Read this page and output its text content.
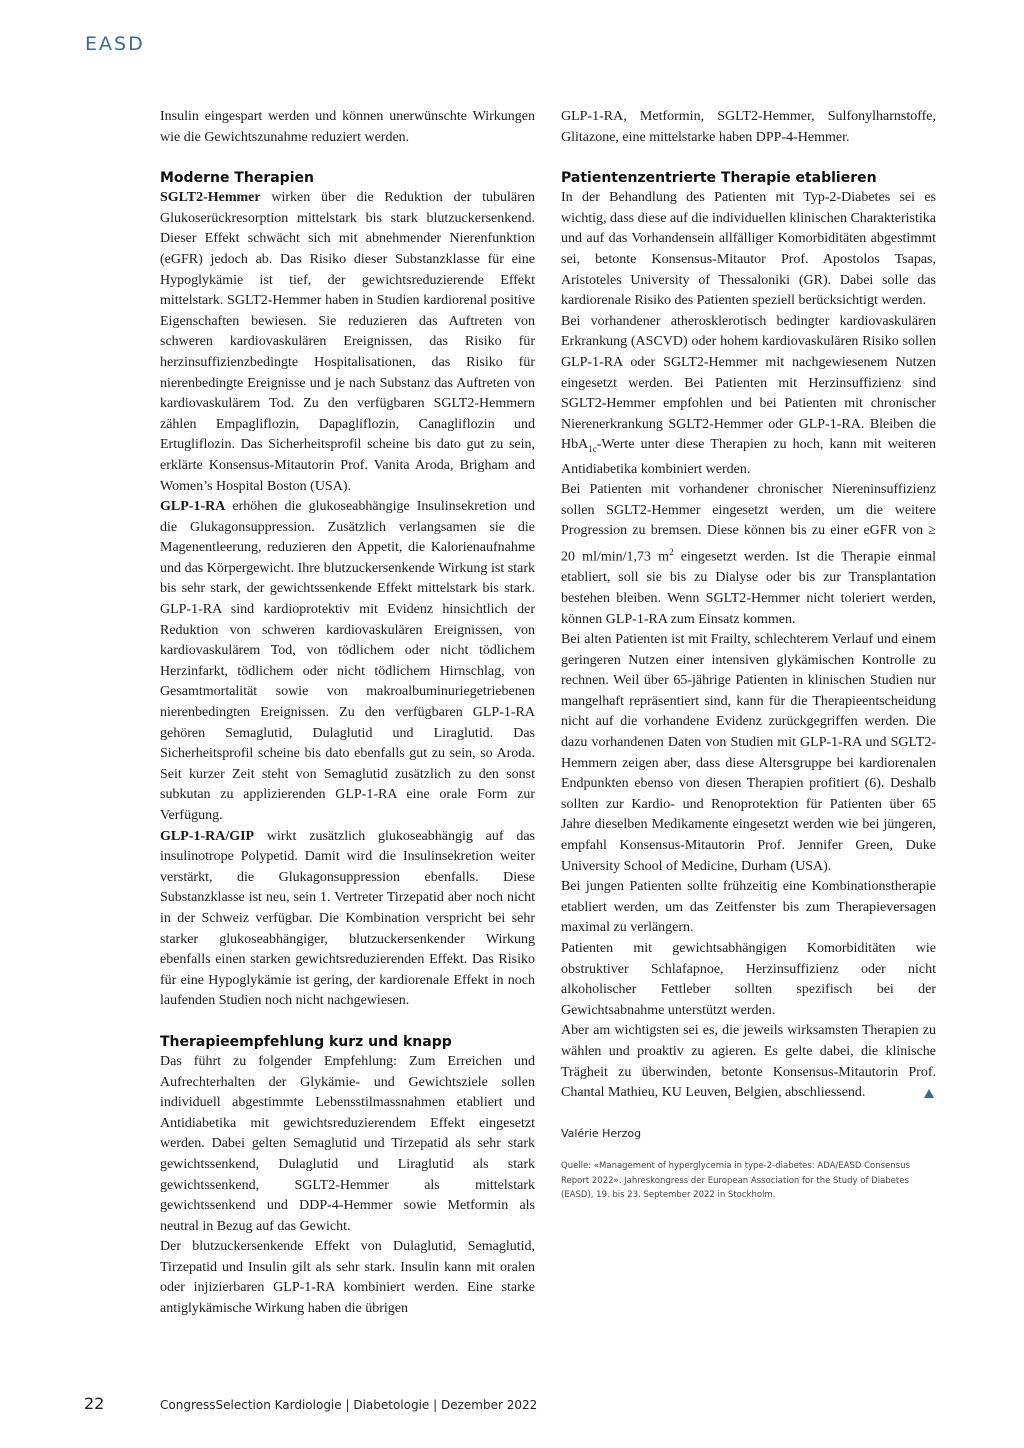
EASD

Insulin eingespart werden und können unerwünschte Wirkungen wie die Gewichtszunahme reduziert werden.

Moderne Therapien

SGLT2-Hemmer wirken über die Reduktion der tubulären Glukoserückresorption mittelstark bis stark blutzuckersenkend. Dieser Effekt schwächt sich mit abnehmender Nierenfunktion (eGFR) jedoch ab. Das Risiko dieser Substanzklasse für eine Hypoglykämie ist tief, der gewichtsreduzierende Effekt mittelstark. SGLT2-Hemmer haben in Studien kardiorenal positive Eigenschaften bewiesen. Sie reduzieren das Auftreten von schweren kardiovaskulären Ereignissen, das Risiko für herzinsuffizienzbedingte Hospitalisationen, das Risiko für nierenbedingte Ereignisse und je nach Substanz das Auftreten von kardiovaskulärem Tod. Zu den verfügbaren SGLT2-Hemmern zählen Empagliflozin, Dapagliflozin, Canagliflozin und Ertugliflozin. Das Sicherheitsprofil scheine bis dato gut zu sein, erklärte Konsensus-Mitautorin Prof. Vanita Aroda, Brigham and Women’s Hospital Boston (USA).

GLP-1-RA erhöhen die glukoseabhängige Insulinsekretion und die Glukagonsuppression. Zusätzlich verlangsamen sie die Magenentleerung, reduzieren den Appetit, die Kalorienaufnahme und das Körpergewicht. Ihre blutzuckersenkende Wirkung ist stark bis sehr stark, der gewichtssenkende Effekt mittelstark bis stark. GLP-1-RA sind kardioprotektiv mit Evidenz hinsichtlich der Reduktion von schweren kardiovaskulären Ereignissen, von kardiovaskulärem Tod, von tödlichem oder nicht tödlichem Herzinfarkt, tödlichem oder nicht tödlichem Hirnschlag, von Gesamtmortalität sowie von makroalbuminuriegetriebenen nierenbedingten Ereignissen. Zu den verfügbaren GLP-1-RA gehören Semaglutid, Dulaglutid und Liraglutid. Das Sicherheitsprofil scheine bis dato ebenfalls gut zu sein, so Aroda. Seit kurzer Zeit steht von Semaglutid zusätzlich zu den sonst subkutan zu applizierenden GLP-1-RA eine orale Form zur Verfügung.

GLP-1-RA/GIP wirkt zusätzlich glukoseabhängig auf das insulinotrope Polypetid. Damit wird die Insulinsekretion weiter verstärkt, die Glukagonsuppression ebenfalls. Diese Substanzklasse ist neu, sein 1. Vertreter Tirzepatid aber noch nicht in der Schweiz verfügbar. Die Kombination verspricht bei sehr starker glukoseabhängiger, blutzuckersenkender Wirkung ebenfalls einen starken gewichtsreduzierenden Effekt. Das Risiko für eine Hypoglykämie ist gering, der kardiorenale Effekt in noch laufenden Studien noch nicht nachgewiesen.

Therapieempfehlung kurz und knapp

Das führt zu folgender Empfehlung: Zum Erreichen und Aufrechterhalten der Glykämie- und Gewichtsziele sollen individuell abgestimmte Lebensstilmassnahmen etabliert und Antidiabetika mit gewichtsreduzierendem Effekt eingesetzt werden. Dabei gelten Semaglutid und Tirzepatid als sehr stark gewichtssenkend, Dulaglutid und Liraglutid als stark gewichtssenkend, SGLT2-Hemmer als mittelstark gewichtssenkend und DDP-4-Hemmer sowie Metformin als neutral in Bezug auf das Gewicht.

Der blutzuckersenkende Effekt von Dulaglutid, Semaglutid, Tirzepatid und Insulin gilt als sehr stark. Insulin kann mit oralen oder injizierbaren GLP-1-RA kombiniert werden. Eine starke antiglykämische Wirkung haben die übrigen

GLP-1-RA, Metformin, SGLT2-Hemmer, Sulfonylharnstoffe, Glitazone, eine mittelstarke haben DPP-4-Hemmer.

Patientenzentrierte Therapie etablieren

In der Behandlung des Patienten mit Typ-2-Diabetes sei es wichtig, dass diese auf die individuellen klinischen Charakteristika und auf das Vorhandensein allfälliger Komorbiditäten abgestimmt sei, betonte Konsensus-Mitautor Prof. Apostolos Tsapas, Aristoteles University of Thessaloniki (GR). Dabei solle das kardiorenale Risiko des Patienten speziell berücksichtigt werden.

Bei vorhandener atherosklerotisch bedingter kardiovaskulären Erkrankung (ASCVD) oder hohem kardiovaskulären Risiko sollen GLP-1-RA oder SGLT2-Hemmer mit nachgewiesenem Nutzen eingesetzt werden. Bei Patienten mit Herzinsuffizienz sind SGLT2-Hemmer empfohlen und bei Patienten mit chronischer Nierenerkrankung SGLT2-Hemmer oder GLP-1-RA. Bleiben die HbA$_{1c}$-Werte unter diese Therapien zu hoch, kann mit weiteren Antidiabetika kombiniert werden.

Bei Patienten mit vorhandener chronischer Niereninsuffizienz sollen SGLT2-Hemmer eingesetzt werden, um die weitere Progression zu bremsen. Diese können bis zu einer eGFR von ≥ 20 ml/min/1,73 $m^2$ eingesetzt werden. Ist die Therapie einmal etabliert, soll sie bis zu Dialyse oder bis zur Transplantation bestehen bleiben. Wenn SGLT2-Hemmer nicht toleriert werden, können GLP-1-RA zum Einsatz kommen.

Bei alten Patienten ist mit Frailty, schlechterem Verlauf und einem geringeren Nutzen einer intensiven glykämischen Kontrolle zu rechnen. Weil über 65-jährige Patienten in klinischen Studien nur mangelhaft repräsentiert sind, kann für die Therapieentscheidung nicht auf die vorhandene Evidenz zurückgegriffen werden. Die dazu vorhandenen Daten von Studien mit GLP-1-RA und SGLT2-Hemmern zeigen aber, dass diese Altersgruppe bei kardiorenalen Endpunkten ebenso von diesen Therapien profitiert (6). Deshalb sollten zur Kardio- und Renoprotektion für Patienten über 65 Jahre dieselben Medikamente eingesetzt werden wie bei jüngeren, empfahl Konsensus-Mitautorin Prof. Jennifer Green, Duke University School of Medicine, Durham (USA).

Bei jungen Patienten sollte frühzeitig eine Kombinationstherapie etabliert werden, um das Zeitfenster bis zum Therapieversagen maximal zu verlängern.

Patienten mit gewichtsabhängigen Komorbiditäten wie obstruktiver Schlafapnoe, Herzinsuffizienz oder nicht alkoholischer Fettleber sollten spezifisch bei der Gewichtsabnahme unterstützt werden.

Aber am wichtigsten sei es, die jeweils wirksamsten Therapien zu wählen und proaktiv zu agieren. Es gelte dabei, die klinische Trägheit zu überwinden, betonte Konsensus-Mitautorin Prof. Chantal Mathieu, KU Leuven, Belgien, abschliessend.

Valérie Herzog

Quelle: «Management of hyperglycemia in type-2-diabetes: ADA/EASD Consensus Report 2022». Jahreskongress der European Association for the Study of Diabetes (EASD), 19. bis 23. September 2022 in Stockholm.

22	CongressSelection Kardiologie | Diabetologie | Dezember 2022
